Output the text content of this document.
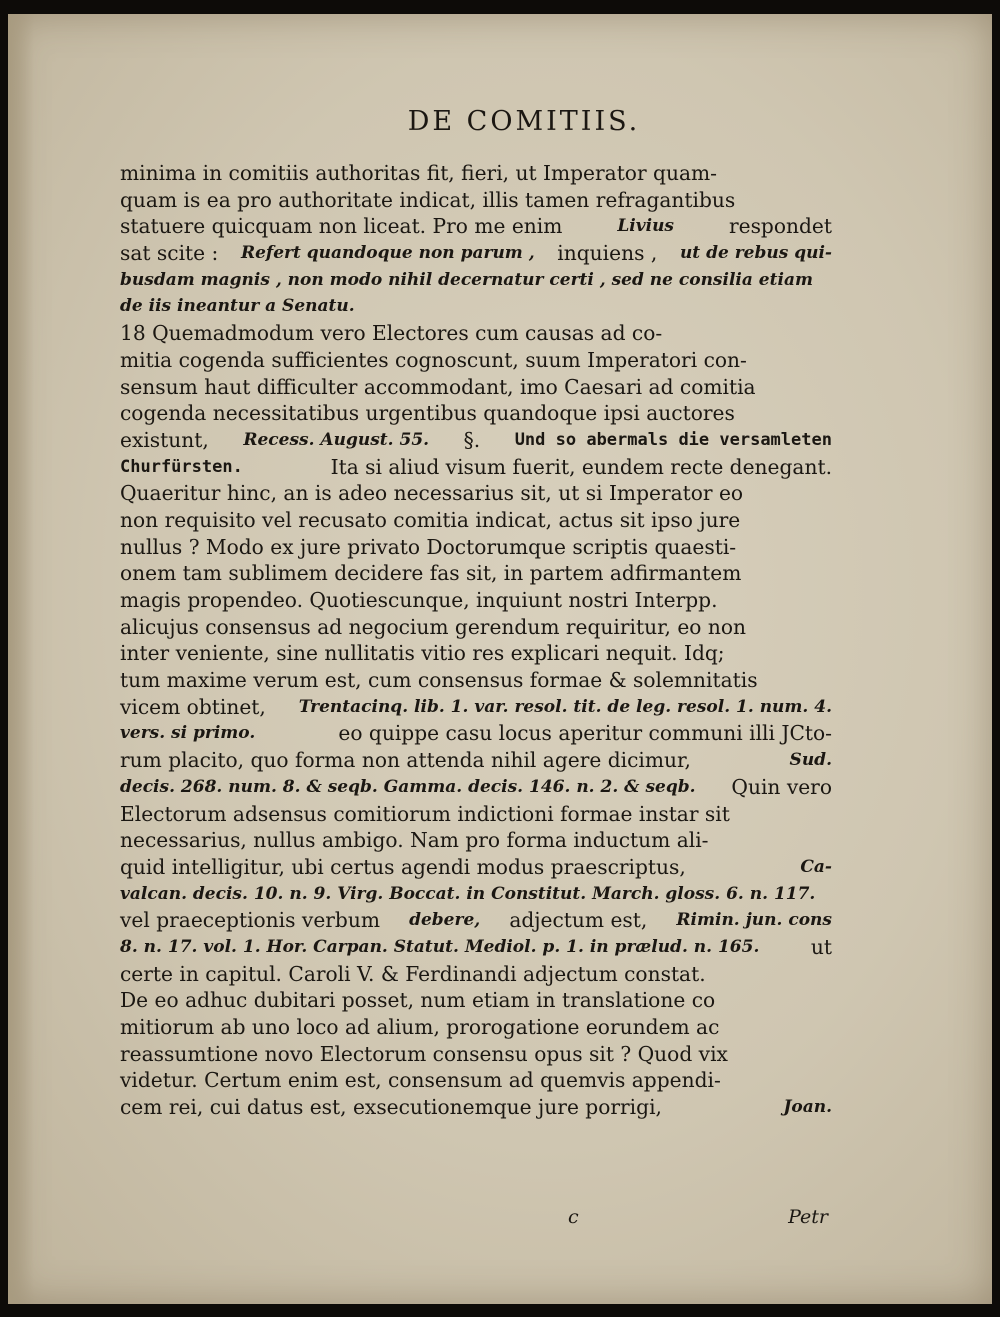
DE COMITIIS.
minima in comitiis authoritas fit, fieri, ut Imperator quam-
quam is ea pro authoritate indicat, illis tamen refragantibus
statuere quicquam non liceat. Pro me enim	Livius	respondet
sat scite : Refert quandoque non parum , inquiens , ut de rebus qui-
busdam magnis , non modo nihil decernatur certi , sed ne consilia etiam
de iis ineantur a Senatu.
18 Quemadmodum vero Electores cum causas ad co-
mitia cogenda sufficientes cognoscunt, suum Imperatori con-
sensum haut difficulter accommodant, imo Caesari ad comitia
cogenda necessitatibus urgentibus quandoque ipsi auctores
existunt, Recess. August. 55. §. Und so abermals die versamleten
Churfürsten.	Ita si aliud visum fuerit, eundem recte denegant.
Quaeritur hinc, an is adeo necessarius sit, ut si Imperator eo
non requisito vel recusato comitia indicat, actus sit ipso jure
nullus ? Modo ex jure privato Doctorumque scriptis quaesti-
onem tam sublimem decidere fas sit, in partem adfirmantem
magis propendeo. Quotiescunque, inquiunt nostri Interpp.
alicujus consensus ad negocium gerendum requiritur, eo non
inter veniente, sine nullitatis vitio res explicari nequit. Idq;
tum maxime verum est, cum consensus formae & solemnitatis
vicem obtinet, Trentacinq. lib. 1. var. resol. tit. de leg. resol. 1. num. 4.
vers. si primo.	eo quippe casu locus aperitur communi illi JCto-
rum placito, quo forma non attenda nihil agere dicimur,	Sud.
decis. 268. num. 8. & seqb. Gamma. decis. 146. n. 2. & seqb. Quin vero
Electorum adsensus comitiorum indictioni formae instar sit
necessarius, nullus ambigo. Nam pro forma inductum ali-
quid intelligitur, ubi certus agendi modus praescriptus,	Ca-
valcan. decis. 10. n. 9. Virg. Boccat. in Constitut. March. gloss. 6. n. 117.
vel praeceptionis verbum debere, adjectum est, Rimin. jun. cons
8. n. 17. vol. 1. Hor. Carpan. Statut. Mediol. p. 1. in prælud. n. 165.	ut
certe in capitul. Caroli V. & Ferdinandi adjectum constat.
De eo adhuc dubitari posset, num etiam in translatione co
mitiorum ab uno loco ad alium, prorogatione eorundem ac
reassumtione novo Electorum consensu opus sit ? Quod vix
videtur. Certum enim est, consensum ad quemvis appendi-
cem rei, cui datus est, exsecutionemque jure porrigi,	Joan.
c	Petr
